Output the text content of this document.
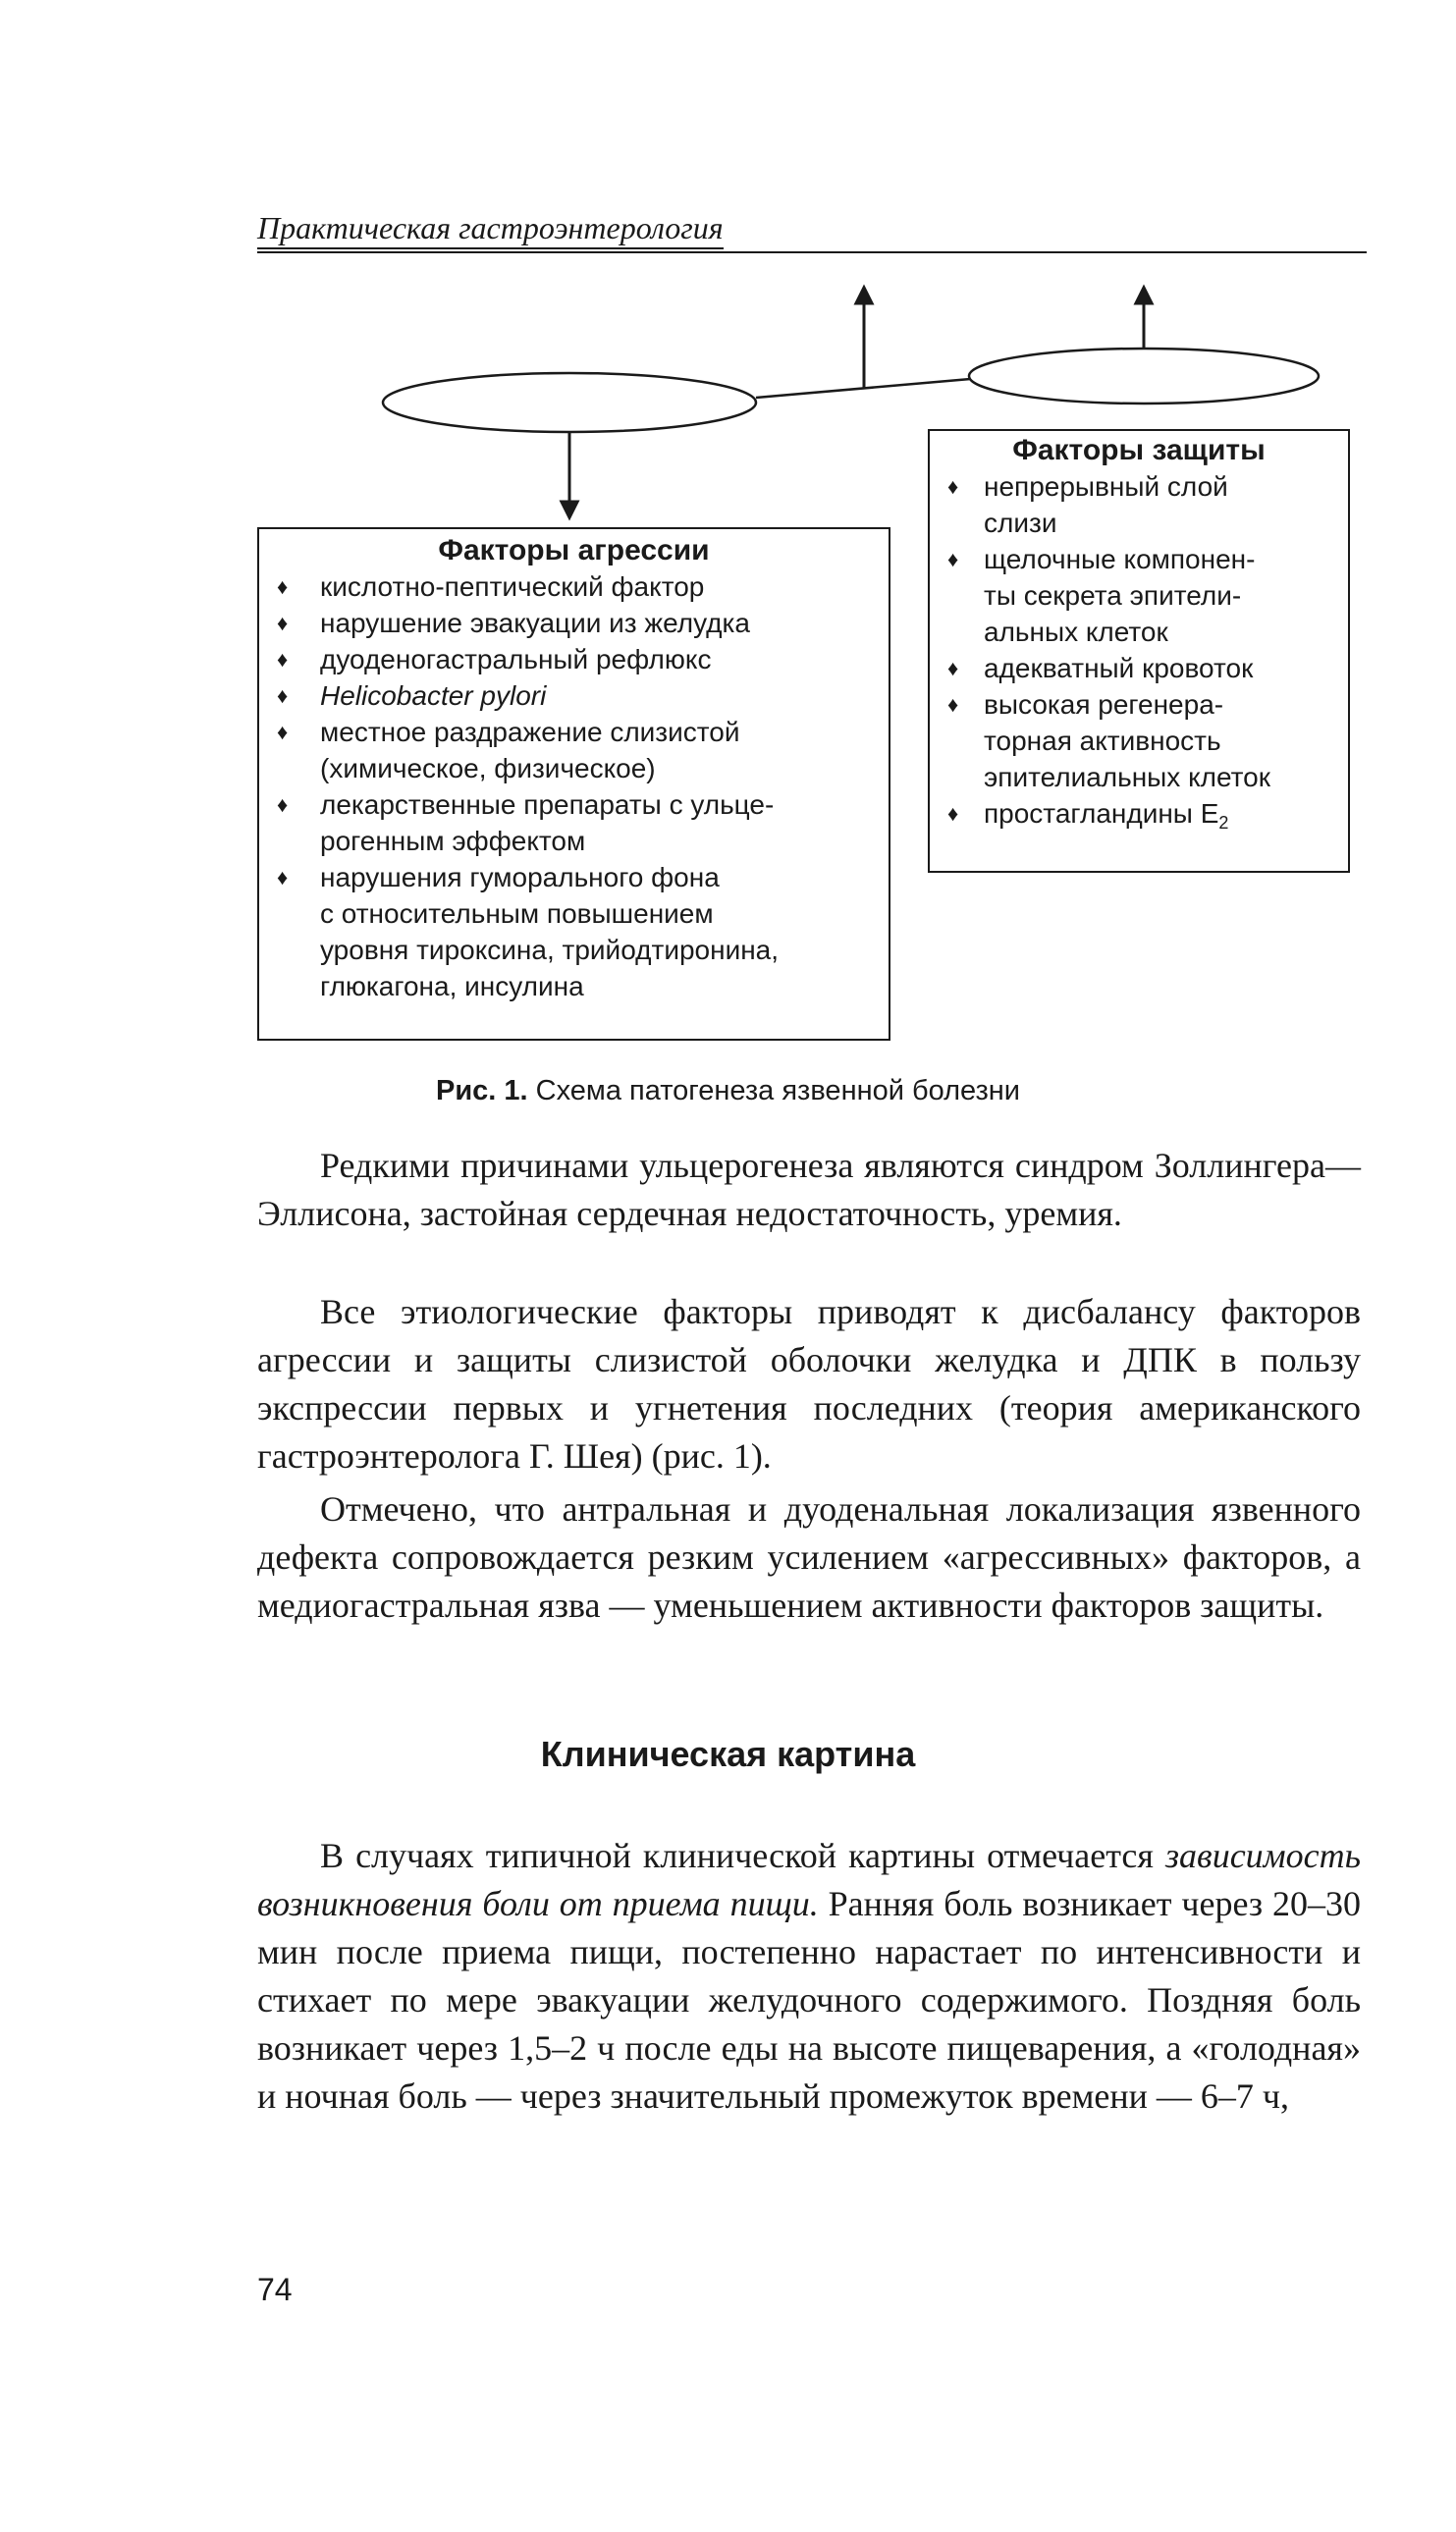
Практическая гастроэнтерология
Факторы агрессии
♦ кислотно-пептический фактор
♦ нарушение эвакуации из желудка
♦ дуоденогастральный рефлюкс
♦ Helicobacter pylori
♦ местное раздражение слизистой
(химическое, физическое)
♦ лекарственные препараты с ульце-
рогенным эффектом
♦ нарушения гуморального фона
с относительным повышением
уровня тироксина, трийодтиронина,
глюкагона, инсулина
Факторы защиты
♦ непрерывный слой
слизи
♦ щелочные компонен-
ты секрета эпители-
альных клеток
♦ адекватный кровоток
♦ высокая регенера-
торная активность
эпителиальных клеток
♦ простагландины $E_2$
Рис. 1. Схема патогенеза язвенной болезни

Редкими причинами ульцерогенеза являются синдром Золлингера—Эллисона, застойная сердечная недостаточность, уремия.

Все этиологические факторы приводят к дисбалансу факторов агрессии и защиты слизистой оболочки желудка и ДПК в пользу экспрессии первых и угнетения последних (теория американского гастроэнтеролога Г. Шея) (рис. 1).

Отмечено, что антральная и дуоденальная локализация язвенного дефекта сопровождается резким усилением «агрессивных» факторов, а медиогастральная язва — уменьшением активности факторов защиты.

Клиническая картина

В случаях типичной клинической картины отмечается зависимость возникновения боли от приема пищи. Ранняя боль возникает через 20–30 мин после приема пищи, постепенно нарастает по интенсивности и стихает по мере эвакуации желудочного содержимого. Поздняя боль возникает через 1,5–2 ч после еды на высоте пищеварения, а «голодная» и ночная боль — через значительный промежуток времени — 6–7 ч,

74
